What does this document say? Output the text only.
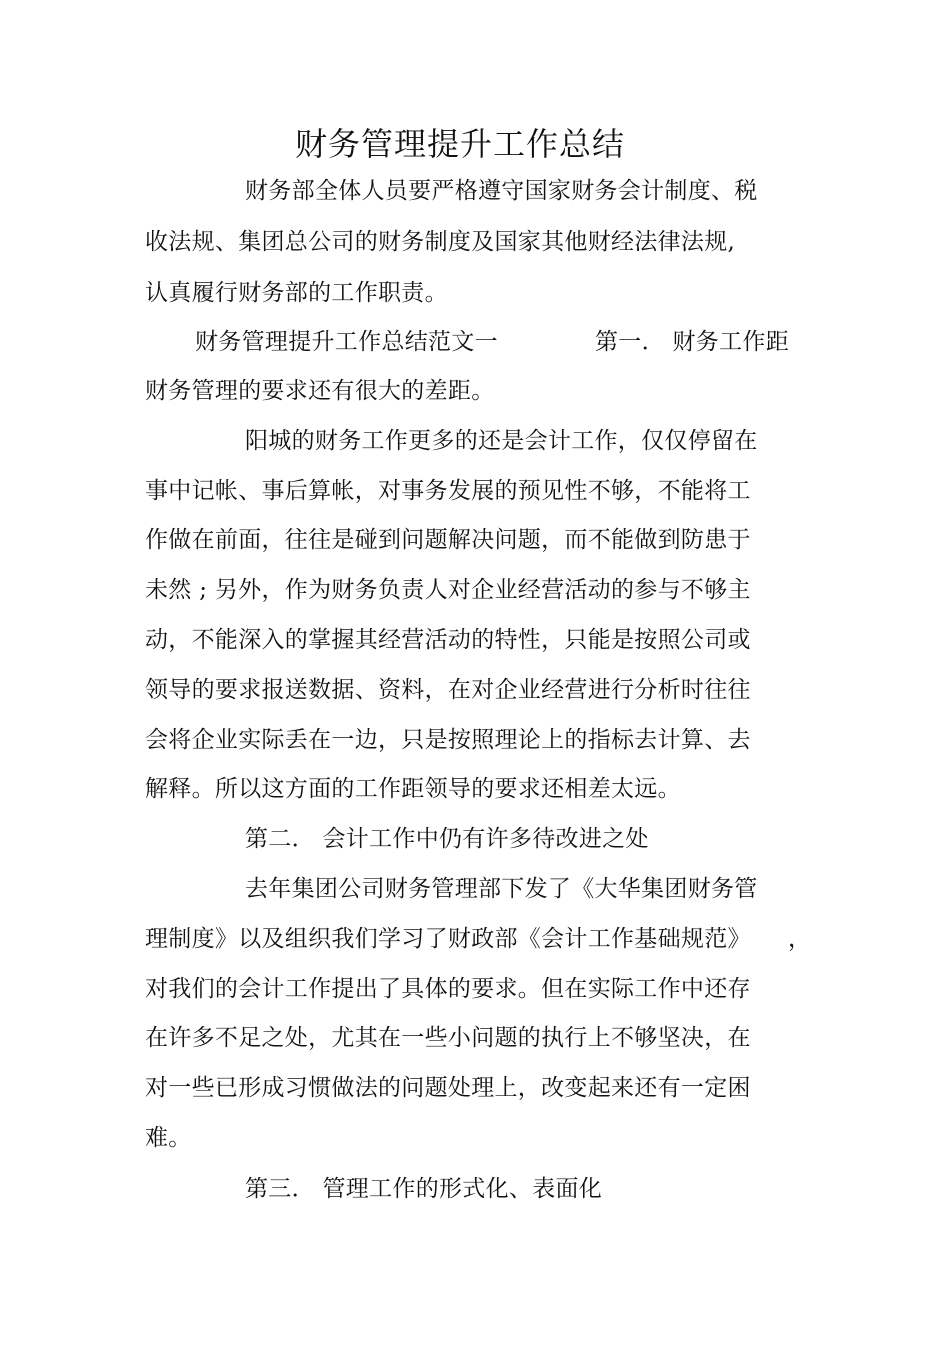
财务管理提升工作总结
财务部全体人员要严格遵守国家财务会计制度、税
收法规、集团总公司的财务制度及国家其他财经法律法规,
认真履行财务部的工作职责。
财务管理提升工作总结范文一	第一． 财务工作距
财务管理的要求还有很大的差距。
阳城的财务工作更多的还是会计工作，仅仅停留在
事中记帐、事后算帐，对事务发展的预见性不够，不能将工
作做在前面，往往是碰到问题解决问题，而不能做到防患于
未然 ; 另外，作为财务负责人对企业经营活动的参与不够主
动，不能深入的掌握其经营活动的特性，只能是按照公司或
领导的要求报送数据、资料，在对企业经营进行分析时往往
会将企业实际丢在一边，只是按照理论上的指标去计算、去
解释。所以这方面的工作距领导的要求还相差太远。
第二． 会计工作中仍有许多待改进之处
去年集团公司财务管理部下发了《大华集团财务管
理制度》以及组织我们学习了财政部《会计工作基础规范》 ，
对我们的会计工作提出了具体的要求。但在实际工作中还存
在许多不足之处，尤其在一些小问题的执行上不够坚决，在
对一些已形成习惯做法的问题处理上，改变起来还有一定困
难。
第三． 管理工作的形式化、表面化
